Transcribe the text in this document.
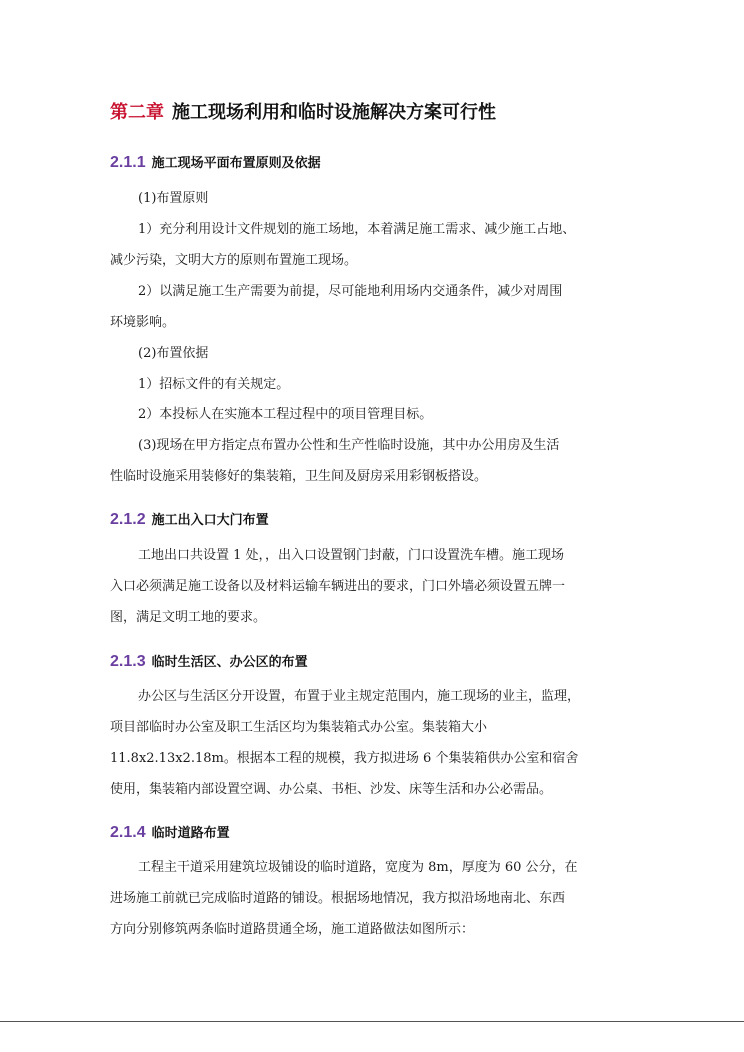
第二章 施工现场利用和临时设施解决方案可行性
2.1.1 施工现场平面布置原则及依据
(1)布置原则
1）充分利用设计文件规划的施工场地，本着满足施工需求、减少施工占地、
减少污染，文明大方的原则布置施工现场。
2）以满足施工生产需要为前提，尽可能地利用场内交通条件，减少对周围
环境影响。
(2)布置依据
1）招标文件的有关规定。
2）本投标人在实施本工程过程中的项目管理目标。
(3)现场在甲方指定点布置办公性和生产性临时设施，其中办公用房及生活
性临时设施采用装修好的集装箱，卫生间及厨房采用彩钢板搭设。
2.1.2 施工出入口大门布置
工地出口共设置 1 处，，出入口设置钢门封蔽，门口设置洗车槽。施工现场
入口必须满足施工设备以及材料运输车辆进出的要求，门口外墙必须设置五牌一
图，满足文明工地的要求。
2.1.3 临时生活区、办公区的布置
办公区与生活区分开设置，布置于业主规定范围内，施工现场的业主，监理，
项目部临时办公室及职工生活区均为集装箱式办公室。集装箱大小
11.8x2.13x2.18m。根据本工程的规模，我方拟进场 6 个集装箱供办公室和宿舍
使用，集装箱内部设置空调、办公桌、书柜、沙发、床等生活和办公必需品。
2.1.4 临时道路布置
工程主干道采用建筑垃圾铺设的临时道路，宽度为 8m，厚度为 60 公分，在
进场施工前就已完成临时道路的铺设。根据场地情况，我方拟沿场地南北、东西
方向分别修筑两条临时道路贯通全场，施工道路做法如图所示：
